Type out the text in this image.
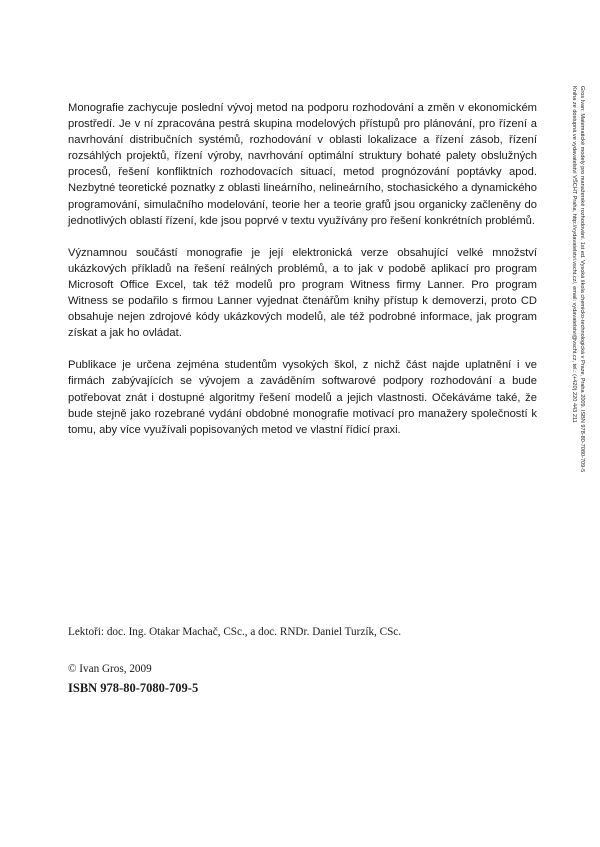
Monografie zachycuje poslední vývoj metod na podporu rozhodování a změn v ekonomickém prostředí. Je v ní zpracována pestrá skupina modelových přístupů pro plánování, pro řízení a navrhování distribučních systémů, rozhodování v oblasti lokalizace a řízení zásob, řízení rozsáhlých projektů, řízení výroby, navrhování optimální struktury bohaté palety obslužných procesů, řešení konfliktních rozhodovacích situací, metod prognózování poptávky apod. Nezbytné teoretické poznatky z oblasti lineárního, nelineárního, stochasického a dynamického programování, simulačního modelování, teorie her a teorie grafů jsou organicky začleněny do jednotlivých oblastí řízení, kde jsou poprvé v textu využívány pro řešení konkrétních problémů.

Významnou součástí monografie je její elektronická verze obsahující velké množství ukázkových příkladů na řešení reálných problémů, a to jak v podobě aplikací pro program Microsoft Office Excel, tak též modelů pro program Witness firmy Lanner. Pro program Witness se podařilo s firmou Lanner vyjednat čtenářům knihy přístup k demoverzi, proto CD obsahuje nejen zdrojové kódy ukázkových modelů, ale též podrobné informace, jak program získat a jak ho ovládat.

Publikace je určena zejména studentům vysokých škol, z nichž část najde uplatnění i ve firmách zabývajících se vývojem a zaváděním softwarové podpory rozhodování a bude potřebovat znát i dostupné algoritmy řešení modelů a jejich vlastnosti. Očekáváme také, že bude stejně jako rozebrané vydání obdobné monografie motivací pro manažery společností k tomu, aby více využívali popisovaných metod ve vlastní řídicí praxi.	Gros Ivan: Matematické modely pro manažerské rozhodování. 1st ed. Vysoká škola chemicko-technologická v Praze, Praha 2009. ISBN 978-80-7080-709-5
Kniha ze dostupná ve vydavatelství VŠCHT Praha, http://vydavatelstvi.vscht.cz/, email: vydavatelstvi@vscht.cz, tel.: (+420) 220 443 211
Lektoři: doc. Ing. Otakar Machač, CSc., a doc. RNDr. Daniel Turzík, CSc.
© Ivan Gros, 2009
ISBN 978-80-7080-709-5
